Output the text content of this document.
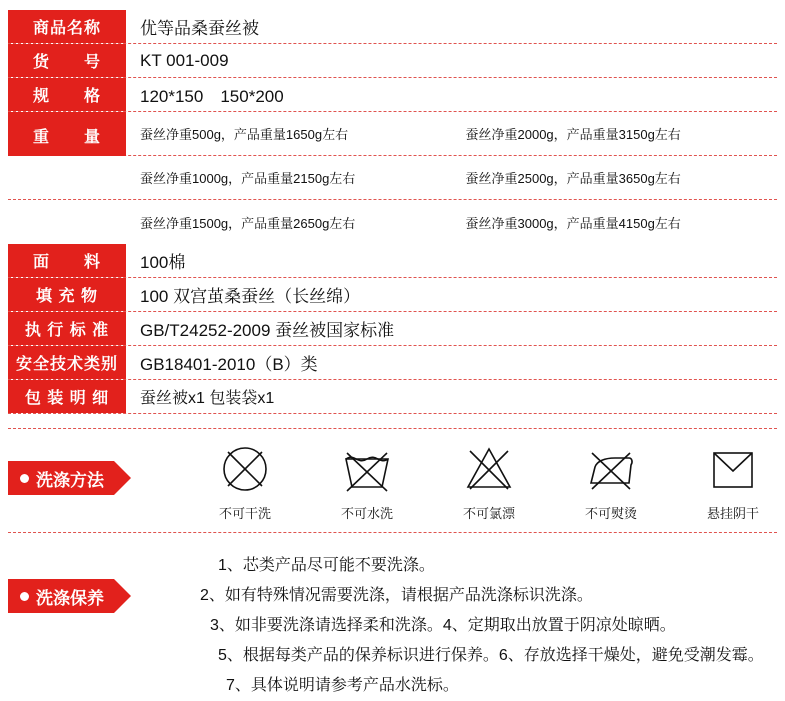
商品名称	优等品桑蚕丝被
货　　号	KT 001-009
规　　格	120*150　150*200
重　　量	蚕丝净重500g，产品重量1650g左右	蚕丝净重2000g，产品重量3150g左右
蚕丝净重1000g，产品重量2150g左右	蚕丝净重2500g，产品重量3650g左右
蚕丝净重1500g，产品重量2650g左右	蚕丝净重3000g，产品重量4150g左右
面　　料	100棉
填 充 物	100 双宫茧桑蚕丝（长丝绵）
执 行 标 准	GB/T24252-2009 蚕丝被国家标准
安全技术类别	GB18401-2010（B）类
包 装 明 细	蚕丝被x1 包装袋x1
洗涤方法
不可干洗	不可水洗	不可氯漂	不可熨烫	悬挂阴干
洗涤保养
1、芯类产品尽可能不要洗涤。
2、如有特殊情况需要洗涤，请根据产品洗涤标识洗涤。
3、如非要洗涤请选择柔和洗涤。4、定期取出放置于阴凉处晾晒。
5、根据每类产品的保养标识进行保养。6、存放选择干燥处，避免受潮发霉。
7、具体说明请参考产品水洗标。
